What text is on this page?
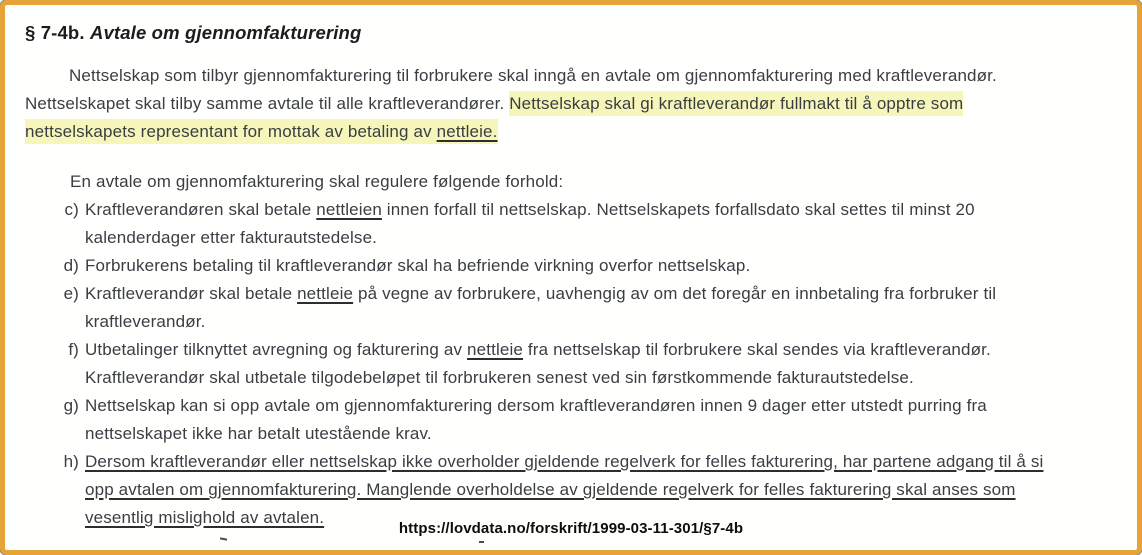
§ 7-4b. Avtale om gjennomfakturering

Nettselskap som tilbyr gjennomfakturering til forbrukere skal inngå en avtale om gjennomfakturering med kraftleverandør.
Nettselskapet skal tilby samme avtale til alle kraftleverandører. Nettselskap skal gi kraftleverandør fullmakt til å opptre som
nettselskapets representant for mottak av betaling av nettleie.

En avtale om gjennomfakturering skal regulere følgende forhold:

c) Kraftleverandøren skal betale nettleien innen forfall til nettselskap. Nettselskapets forfallsdato skal settes til minst 20
kalenderdager etter fakturautstedelse.
d) Forbrukerens betaling til kraftleverandør skal ha befriende virkning overfor nettselskap.
e) Kraftleverandør skal betale nettleie på vegne av forbrukere, uavhengig av om det foregår en innbetaling fra forbruker til
kraftleverandør.
f) Utbetalinger tilknyttet avregning og fakturering av nettleie fra nettselskap til forbrukere skal sendes via kraftleverandør.
Kraftleverandør skal utbetale tilgodebeløpet til forbrukeren senest ved sin førstkommende fakturautstedelse.
g) Nettselskap kan si opp avtale om gjennomfakturering dersom kraftleverandøren innen 9 dager etter utstedt purring fra
nettselskapet ikke har betalt utestående krav.
h) Dersom kraftleverandør eller nettselskap ikke overholder gjeldende regelverk for felles fakturering, har partene adgang til å si
opp avtalen om gjennomfakturering. Manglende overholdelse av gjeldende regelverk for felles fakturering skal anses som
vesentlig mislighold av avtalen.
https://lovdata.no/forskrift/1999-03-11-301/§7-4b
